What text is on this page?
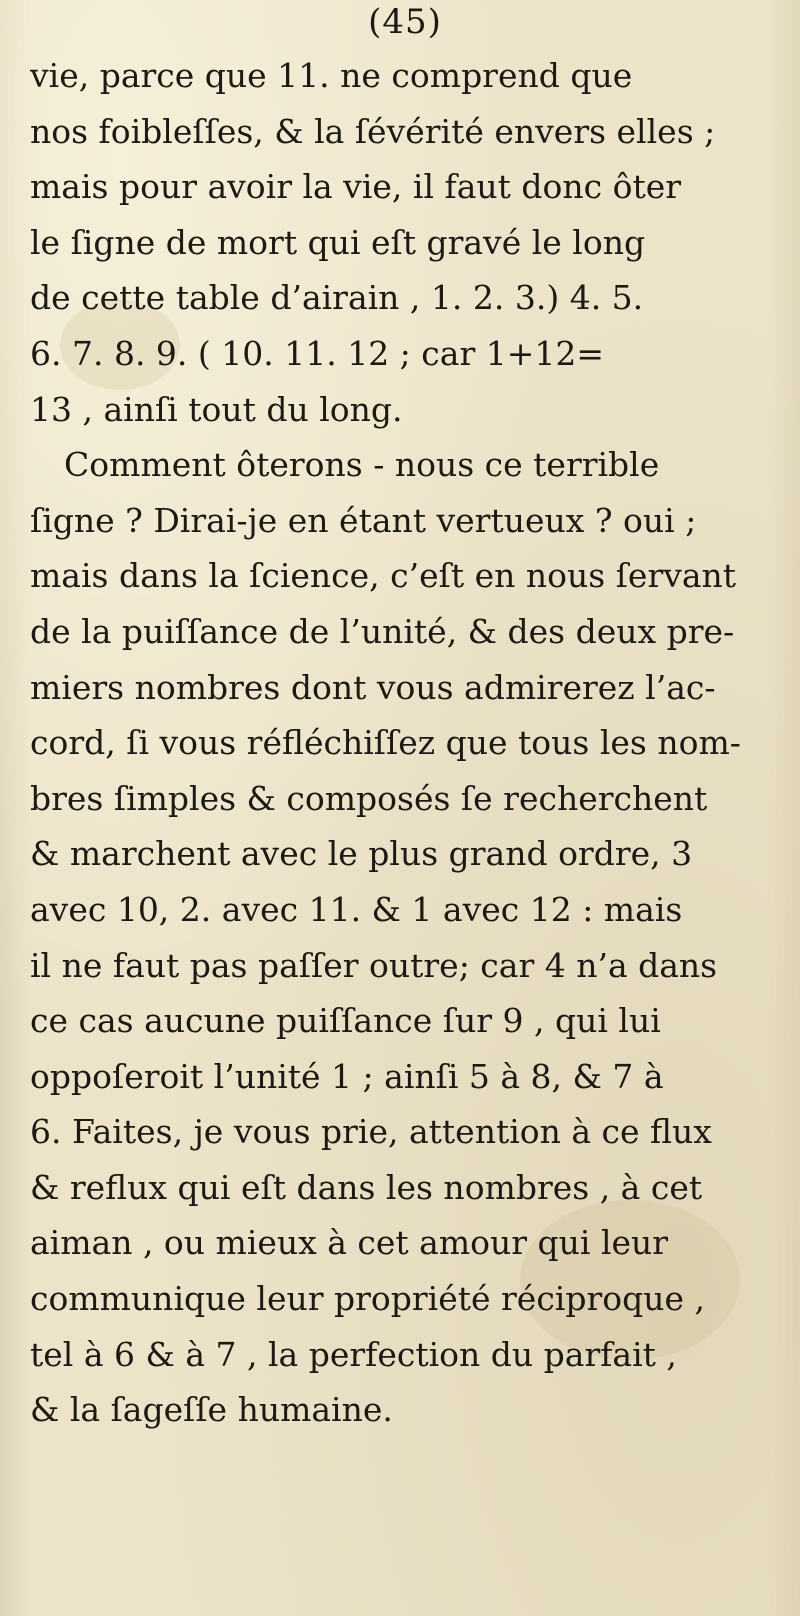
(45)
vie, parce que 11. ne comprend que
nos foibleſſes, & la ſévérité envers elles ;
mais pour avoir la vie, il faut donc ôter
le ſigne de mort qui eſt gravé le long
de cette table d’airain , 1. 2. 3.) 4. 5.
6. 7. 8. 9. ( 10. 11. 12 ; car 1+12=
13 , ainſi tout du long.
Comment ôterons - nous ce terrible
ſigne ? Dirai-je en étant vertueux ? oui ;
mais dans la ſcience, c’eſt en nous ſervant
de la puiſſance de l’unité, & des deux pre-
miers nombres dont vous admirerez l’ac-
cord, ſi vous réfléchiſſez que tous les nom-
bres ſimples & composés ſe recherchent
& marchent avec le plus grand ordre, 3
avec 10, 2. avec 11. & 1 avec 12 : mais
il ne faut pas paſſer outre; car 4 n’a dans
ce cas aucune puiſſance ſur 9 , qui lui
oppoſeroit l’unité 1 ; ainſi 5 à 8, & 7 à
6. Faites, je vous prie, attention à ce flux
& reflux qui eſt dans les nombres , à cet
aiman , ou mieux à cet amour qui leur
communique leur propriété réciproque ,
tel à 6 & à 7 , la perfection du parfait ,
& la ſageſſe humaine.
